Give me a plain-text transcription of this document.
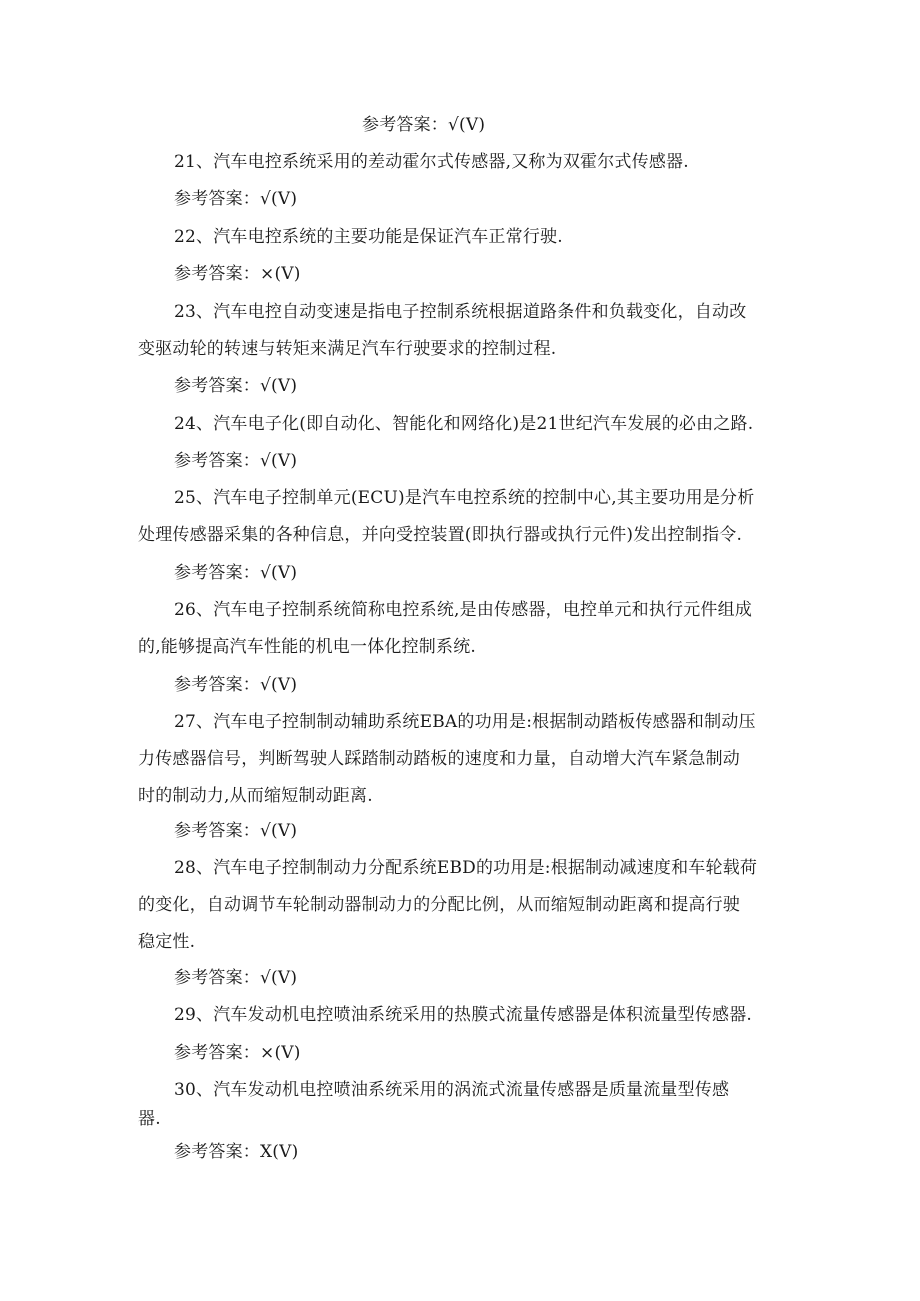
参考答案：√(V)
21、汽车电控系统采用的差动霍尔式传感器,又称为双霍尔式传感器.
参考答案：√(V)
22、汽车电控系统的主要功能是保证汽车正常行驶.
参考答案：×(V)
23、汽车电控自动变速是指电子控制系统根据道路条件和负载变化，自动改
变驱动轮的转速与转矩来满足汽车行驶要求的控制过程.
参考答案：√(V)
24、汽车电子化(即自动化、智能化和网络化)是21世纪汽车发展的必由之路.
参考答案：√(V)
25、汽车电子控制单元(ECU)是汽车电控系统的控制中心,其主要功用是分析
处理传感器采集的各种信息，并向受控装置(即执行器或执行元件)发出控制指令.
参考答案：√(V)
26、汽车电子控制系统简称电控系统,是由传感器，电控单元和执行元件组成
的,能够提高汽车性能的机电一体化控制系统.
参考答案：√(V)
27、汽车电子控制制动辅助系统EBA的功用是:根据制动踏板传感器和制动压
力传感器信号，判断驾驶人踩踏制动踏板的速度和力量，自动增大汽车紧急制动
时的制动力,从而缩短制动距离.
参考答案：√(V)
28、汽车电子控制制动力分配系统EBD的功用是:根据制动减速度和车轮载荷
的变化，自动调节车轮制动器制动力的分配比例，从而缩短制动距离和提高行驶
稳定性.
参考答案：√(V)
29、汽车发动机电控喷油系统采用的热膜式流量传感器是体积流量型传感器.
参考答案：×(V)
30、汽车发动机电控喷油系统采用的涡流式流量传感器是质量流量型传感
器.
参考答案：X(V)
